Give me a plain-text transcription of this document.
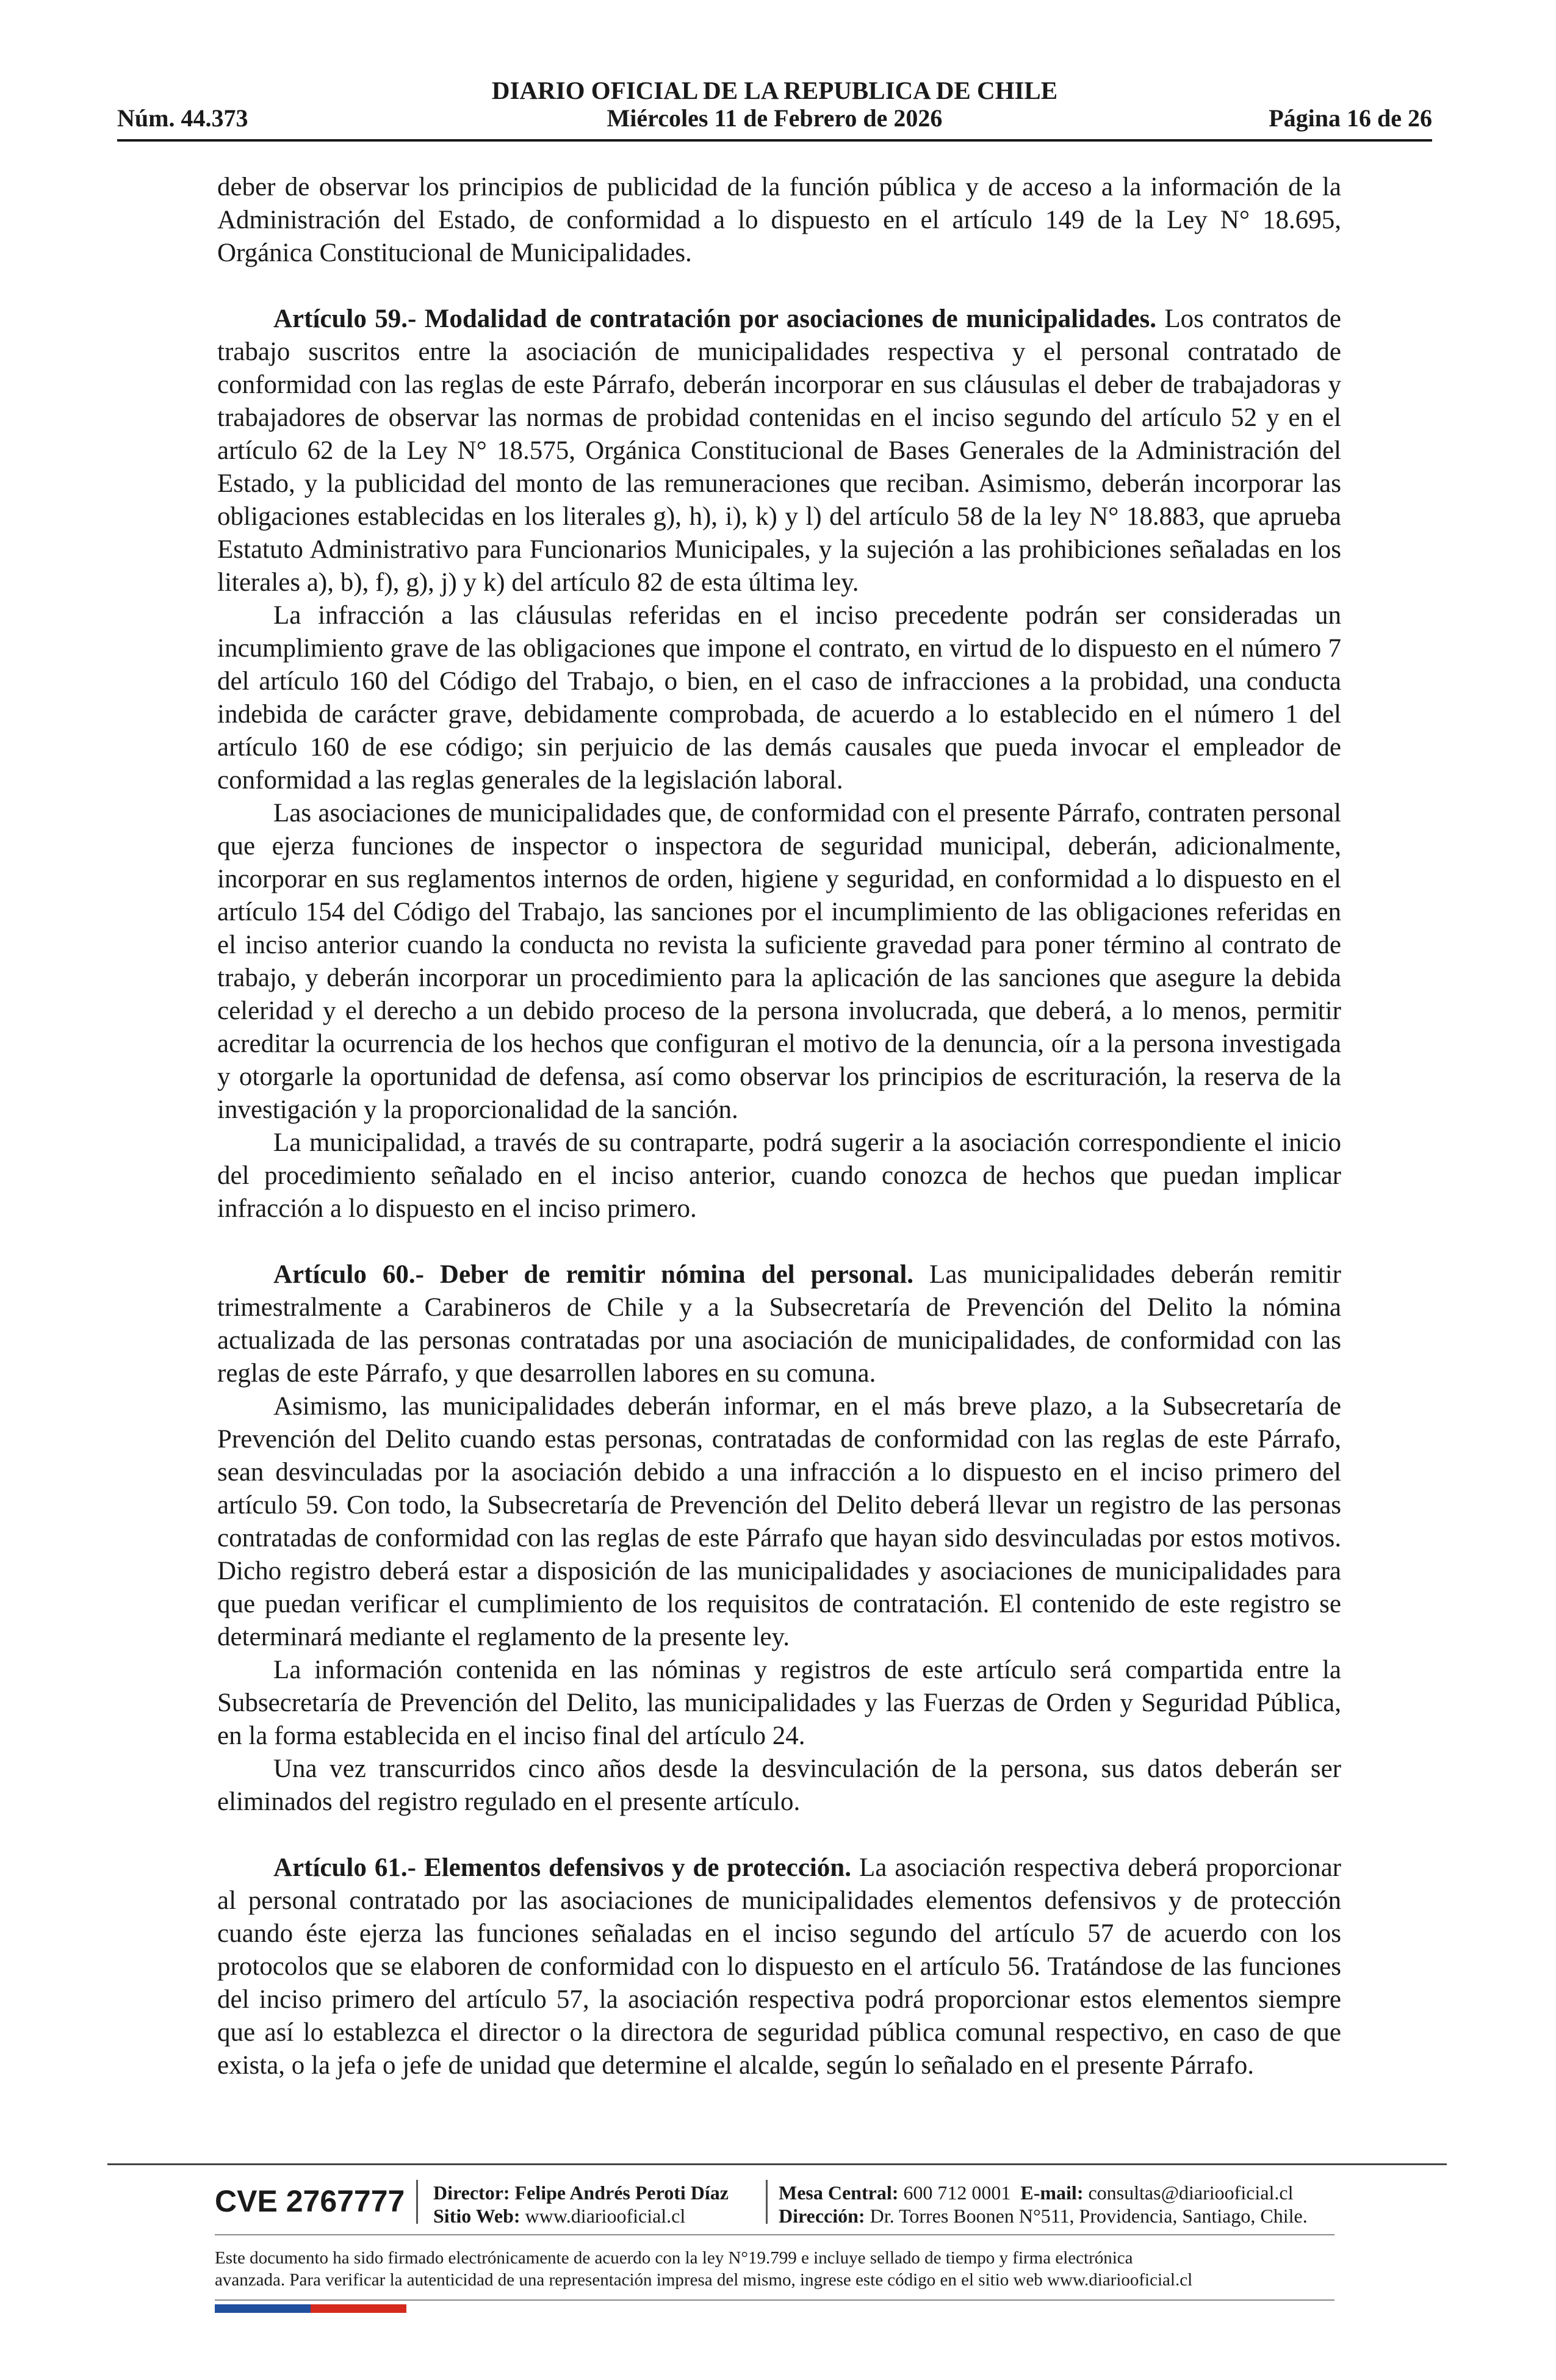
DIARIO OFICIAL DE LA REPUBLICA DE CHILE
Núm. 44.373	Miércoles 11 de Febrero de 2026	Página 16 de 26

deber de observar los principios de publicidad de la función pública y de acceso a la información de la Administración del Estado, de conformidad a lo dispuesto en el artículo 149 de la Ley N° 18.695, Orgánica Constitucional de Municipalidades.

Artículo 59.- Modalidad de contratación por asociaciones de municipalidades. Los contratos de trabajo suscritos entre la asociación de municipalidades respectiva y el personal contratado de conformidad con las reglas de este Párrafo, deberán incorporar en sus cláusulas el deber de trabajadoras y trabajadores de observar las normas de probidad contenidas en el inciso segundo del artículo 52 y en el artículo 62 de la Ley N° 18.575, Orgánica Constitucional de Bases Generales de la Administración del Estado, y la publicidad del monto de las remuneraciones que reciban. Asimismo, deberán incorporar las obligaciones establecidas en los literales g), h), i), k) y l) del artículo 58 de la ley N° 18.883, que aprueba Estatuto Administrativo para Funcionarios Municipales, y la sujeción a las prohibiciones señaladas en los literales a), b), f), g), j) y k) del artículo 82 de esta última ley.

La infracción a las cláusulas referidas en el inciso precedente podrán ser consideradas un incumplimiento grave de las obligaciones que impone el contrato, en virtud de lo dispuesto en el número 7 del artículo 160 del Código del Trabajo, o bien, en el caso de infracciones a la probidad, una conducta indebida de carácter grave, debidamente comprobada, de acuerdo a lo establecido en el número 1 del artículo 160 de ese código; sin perjuicio de las demás causales que pueda invocar el empleador de conformidad a las reglas generales de la legislación laboral.

Las asociaciones de municipalidades que, de conformidad con el presente Párrafo, contraten personal que ejerza funciones de inspector o inspectora de seguridad municipal, deberán, adicionalmente, incorporar en sus reglamentos internos de orden, higiene y seguridad, en conformidad a lo dispuesto en el artículo 154 del Código del Trabajo, las sanciones por el incumplimiento de las obligaciones referidas en el inciso anterior cuando la conducta no revista la suficiente gravedad para poner término al contrato de trabajo, y deberán incorporar un procedimiento para la aplicación de las sanciones que asegure la debida celeridad y el derecho a un debido proceso de la persona involucrada, que deberá, a lo menos, permitir acreditar la ocurrencia de los hechos que configuran el motivo de la denuncia, oír a la persona investigada y otorgarle la oportunidad de defensa, así como observar los principios de escrituración, la reserva de la investigación y la proporcionalidad de la sanción.

La municipalidad, a través de su contraparte, podrá sugerir a la asociación correspondiente el inicio del procedimiento señalado en el inciso anterior, cuando conozca de hechos que puedan implicar infracción a lo dispuesto en el inciso primero.

Artículo 60.- Deber de remitir nómina del personal. Las municipalidades deberán remitir trimestralmente a Carabineros de Chile y a la Subsecretaría de Prevención del Delito la nómina actualizada de las personas contratadas por una asociación de municipalidades, de conformidad con las reglas de este Párrafo, y que desarrollen labores en su comuna.

Asimismo, las municipalidades deberán informar, en el más breve plazo, a la Subsecretaría de Prevención del Delito cuando estas personas, contratadas de conformidad con las reglas de este Párrafo, sean desvinculadas por la asociación debido a una infracción a lo dispuesto en el inciso primero del artículo 59. Con todo, la Subsecretaría de Prevención del Delito deberá llevar un registro de las personas contratadas de conformidad con las reglas de este Párrafo que hayan sido desvinculadas por estos motivos. Dicho registro deberá estar a disposición de las municipalidades y asociaciones de municipalidades para que puedan verificar el cumplimiento de los requisitos de contratación. El contenido de este registro se determinará mediante el reglamento de la presente ley.

La información contenida en las nóminas y registros de este artículo será compartida entre la Subsecretaría de Prevención del Delito, las municipalidades y las Fuerzas de Orden y Seguridad Pública, en la forma establecida en el inciso final del artículo 24.

Una vez transcurridos cinco años desde la desvinculación de la persona, sus datos deberán ser eliminados del registro regulado en el presente artículo.

Artículo 61.- Elementos defensivos y de protección. La asociación respectiva deberá proporcionar al personal contratado por las asociaciones de municipalidades elementos defensivos y de protección cuando éste ejerza las funciones señaladas en el inciso segundo del artículo 57 de acuerdo con los protocolos que se elaboren de conformidad con lo dispuesto en el artículo 56. Tratándose de las funciones del inciso primero del artículo 57, la asociación respectiva podrá proporcionar estos elementos siempre que así lo establezca el director o la directora de seguridad pública comunal respectivo, en caso de que exista, o la jefa o jefe de unidad que determine el alcalde, según lo señalado en el presente Párrafo.

CVE 2767777 Director: Felipe Andrés Peroti Díaz
Sitio Web: www.diariooficial.cl
Mesa Central: 600 712 0001 E-mail: consultas@diariooficial.cl
Dirección: Dr. Torres Boonen N°511, Providencia, Santiago, Chile.
Este documento ha sido firmado electrónicamente de acuerdo con la ley N°19.799 e incluye sellado de tiempo y firma electrónica
avanzada. Para verificar la autenticidad de una representación impresa del mismo, ingrese este código en el sitio web www.diariooficial.cl
